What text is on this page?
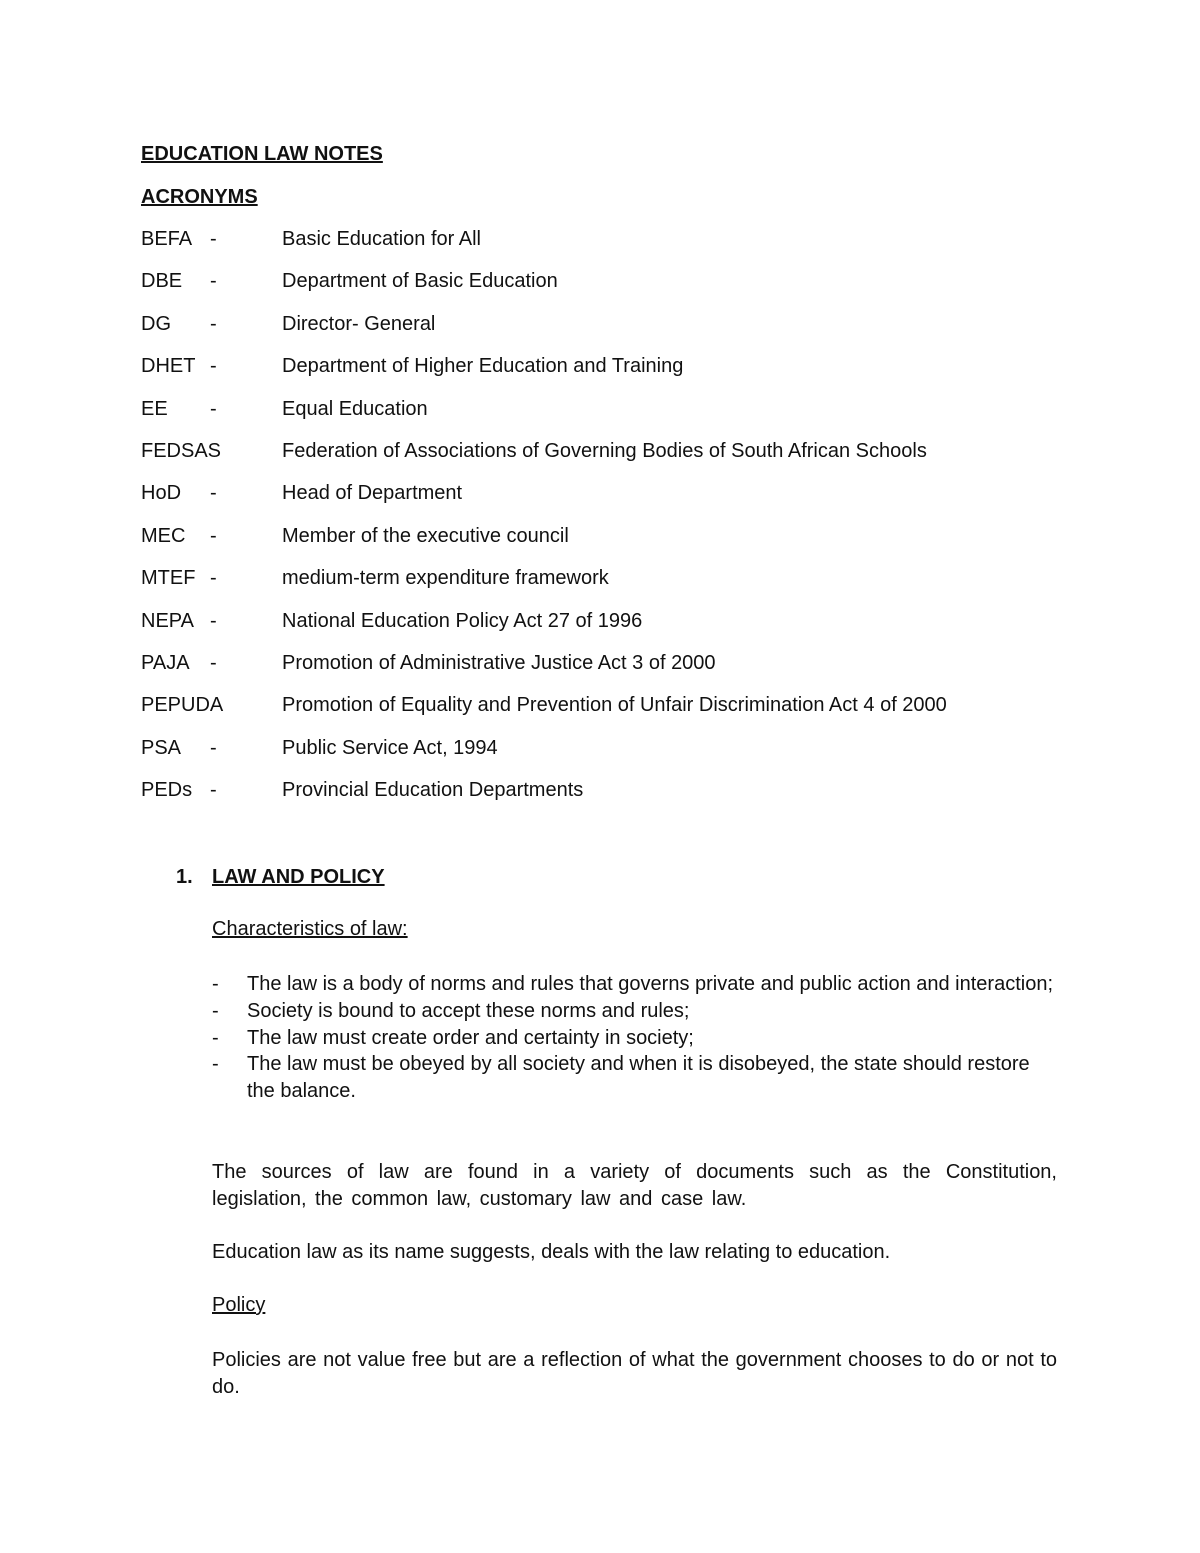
EDUCATION LAW NOTES
ACRONYMS
BEFA -	Basic Education for All
DBE -	Department of Basic Education
DG -	Director- General
DHET -	Department of Higher Education and Training
EE -	Equal Education
FEDSAS	Federation of Associations of Governing Bodies of South African Schools
HoD -	Head of Department
MEC -	Member of the executive council
MTEF -	medium-term expenditure framework
NEPA -	National Education Policy Act 27 of 1996
PAJA -	Promotion of Administrative Justice Act 3 of 2000
PEPUDA	Promotion of Equality and Prevention of Unfair Discrimination Act 4 of 2000
PSA -	Public Service Act, 1994
PEDs -	Provincial Education Departments
1. LAW AND POLICY
Characteristics of law:
- The law is a body of norms and rules that governs private and public action and interaction;
- Society is bound to accept these norms and rules;
- The law must create order and certainty in society;
- The law must be obeyed by all society and when it is disobeyed, the state should restore the balance.

The sources of law are found in a variety of documents such as the Constitution, legislation, the common law, customary law and case law.

Education law as its name suggests, deals with the law relating to education.

Policy

Policies are not value free but are a reflection of what the government chooses to do or not to do.
